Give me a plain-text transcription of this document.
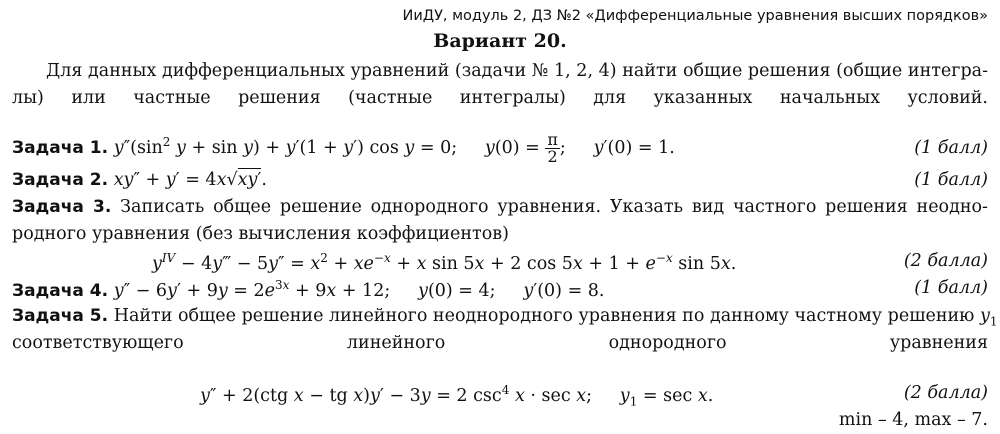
ИиДУ, модуль 2, ДЗ №2 «Дифференциальные уравнения высших порядков»
Вариант 20.
Для данных дифференциальных уравнений (задачи № 1, 2, 4) найти общие решения (общие интегра-
лы) или частные решения (частные интегралы) для указанных начальных условий.
Задача 1. $y''(\sin^2$ y + sin y) + y′(1 + y′) cos y = 0;     $y(0) = \frac{\pi}{2}$ ;     y′(0) = 1.	(1 балл)
Задача 2. xy″ + y′ = 4x√xy′.	(1 балл)
Задача 3. Записать общее решение однородного уравнения. Указать вид частного решения неодно-
родного уравнения (без вычисления коэффициентов)
$y^{IV}$ − 4y‴ − $5y'' = x^2 + xe^{-x} + x$ sin 5x + 2 $\cos 5x + 1 + e^{-x}$ sin 5x.	(2 балла)
Задача 4. $y'' - 6y' + 9y = 2e^{3x} + 9x + 12$;     y(0) = 4;     y′(0) = 8.	(1 балл)
Задача 5. Найти общее решение линейного неоднородного уравнения по данному частному решению $y_1$
соответствующего линейного однородного уравнения
y″ + 2(ctg x − tg x)y′ − 3y = 2 $\csc^4 x \cdot \sec x$;     $y_1 = \sec x$.	(2 балла)
min – 4, max – 7.
